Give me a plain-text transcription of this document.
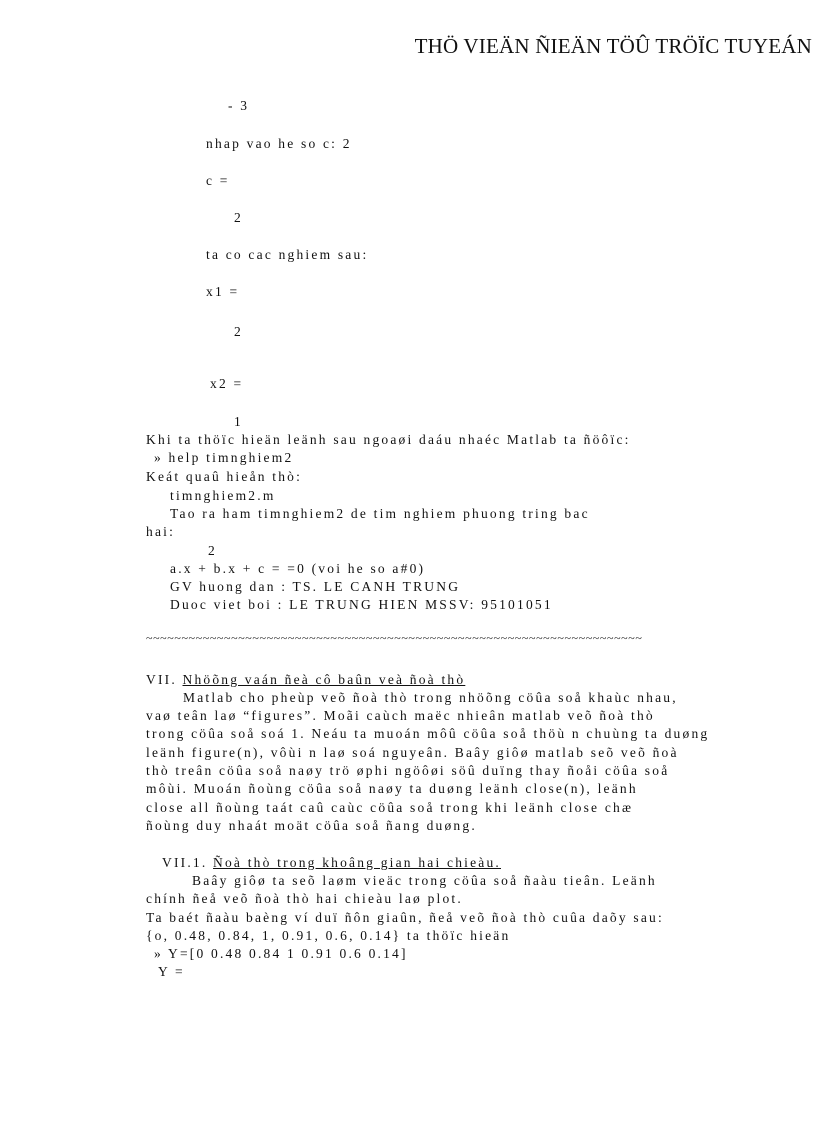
THÖ VIEÄN ÑIEÄN TÖÛ TRÖÏC TUYEÁN
- 3
nhap vao he so c: 2
c =
2
ta co cac nghiem sau:
x1 =
2
x2 =
1
Khi ta thöïc hieän leänh sau ngoaøi daáu nhaéc Matlab ta ñöôïc:
» help timnghiem2
Keát quaû hieån thò:
timnghiem2.m
Tao ra ham timnghiem2 de tim nghiem phuong tring bac
hai:
2
a.x + b.x + c = =0 (voi he so a#0)
GV huong dan : TS. LE CANH TRUNG
Duoc viet boi : LE TRUNG HIEN MSSV: 95101051
~~~~~~~~~~~~~~~~~~~~~~~~~~~~~~~~~~~~~~~~~~~~~~~~~~~~~~~~~~~~~~~~~~~~~~
VII. Nhöõng vaán ñeà cô baûn veà ñoà thò
Matlab cho pheùp veõ ñoà thò trong nhöõng cöûa soå khaùc nhau,
vaø teân laø “figures”. Moãi caùch maëc nhieân matlab veõ ñoà thò
trong cöûa soå soá 1. Neáu ta muoán môû cöûa soå thöù n chuùng ta duøng
leänh figure(n), vôùi n laø soá nguyeân. Baây giôø matlab seõ veõ ñoà
thò treân cöûa soå naøy trö øphi ngöôøi söû duïng thay ñoåi cöûa soå
môùi. Muoán ñoùng cöûa soå naøy ta duøng leänh close(n), leänh
close all ñoùng taát caû caùc cöûa soå trong khi leänh close chæ
ñoùng duy nhaát moät cöûa soå ñang duøng.
VII.1. Ñoà thò trong khoâng gian hai chieàu.
Baây giôø ta seõ laøm vieäc trong cöûa soå ñaàu tieân. Leänh
chính ñeå veõ ñoà thò hai chieàu laø plot.
Ta baét ñaàu baèng ví duï ñôn giaûn, ñeå veõ ñoà thò cuûa daõy sau:
{o, 0.48, 0.84, 1, 0.91, 0.6, 0.14} ta thöïc hieän
» Y=[0 0.48 0.84 1 0.91 0.6 0.14]
Y =
